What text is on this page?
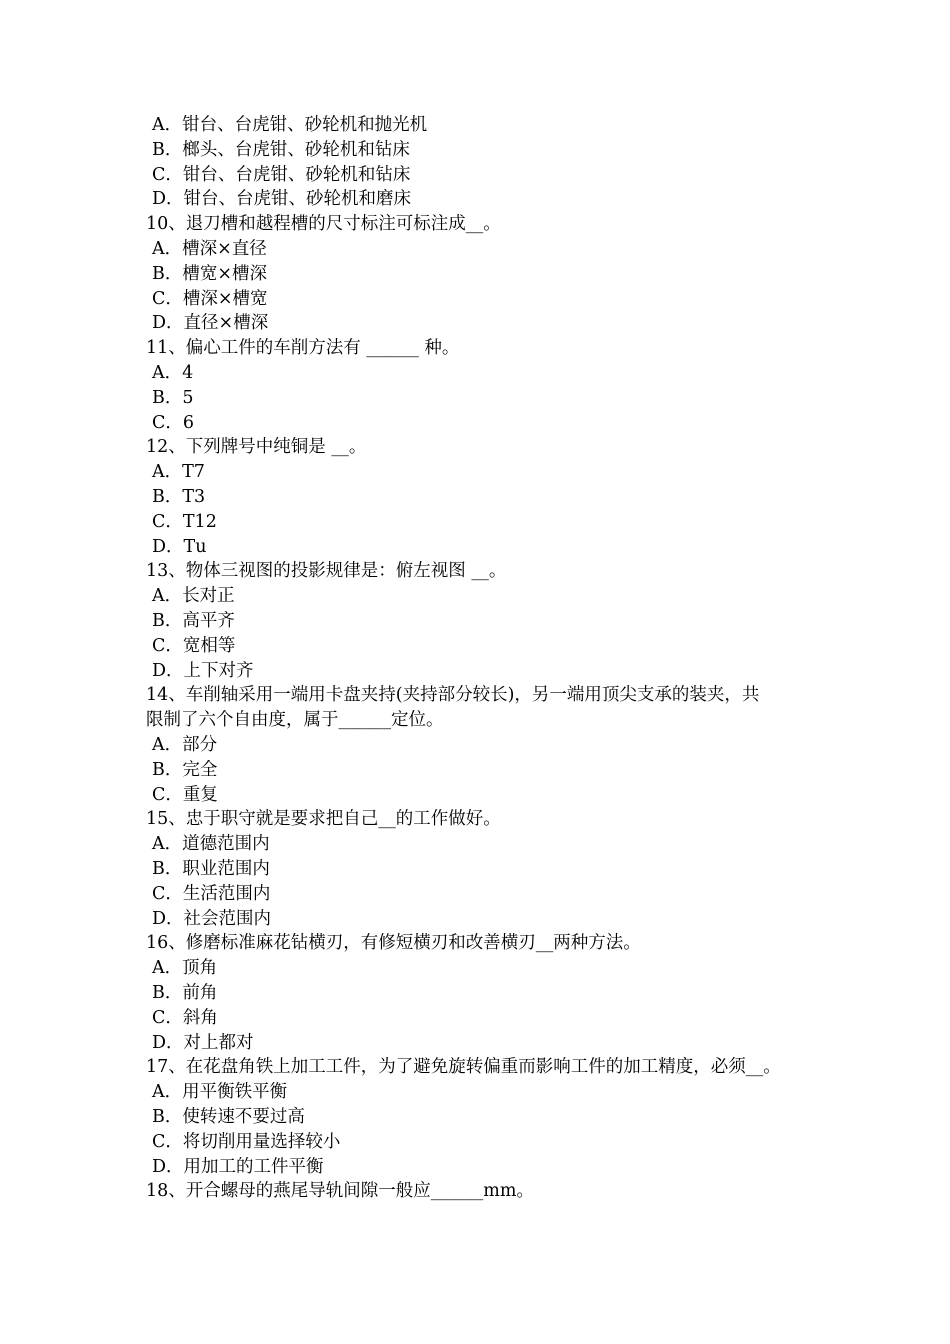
A．钳台、台虎钳、砂轮机和抛光机
B．榔头、台虎钳、砂轮机和钻床
C．钳台、台虎钳、砂轮机和钻床
D．钳台、台虎钳、砂轮机和磨床
10、退刀槽和越程槽的尺寸标注可标注成__。
A．槽深×直径
B．槽宽×槽深
C．槽深×槽宽
D．直径×槽深
11、偏心工件的车削方法有 ______ 种。
A．4
B．5
C．6
12、下列牌号中纯铜是 __。
A．T7
B．T3
C．T12
D．Tu
13、物体三视图的投影规律是：俯左视图 __。
A．长对正
B．高平齐
C．宽相等
D．上下对齐
14、车削轴采用一端用卡盘夹持(夹持部分较长)，另一端用顶尖支承的装夹，共
限制了六个自由度，属于______定位。
A．部分
B．完全
C．重复
15、忠于职守就是要求把自己__的工作做好。
A．道德范围内
B．职业范围内
C．生活范围内
D．社会范围内
16、修磨标准麻花钻横刃，有修短横刃和改善横刃__两种方法。
A．顶角
B．前角
C．斜角
D．对上都对
17、在花盘角铁上加工工件，为了避免旋转偏重而影响工件的加工精度，必须__。
A．用平衡铁平衡
B．使转速不要过高
C．将切削用量选择较小
D．用加工的工件平衡
18、开合螺母的燕尾导轨间隙一般应______mm。
